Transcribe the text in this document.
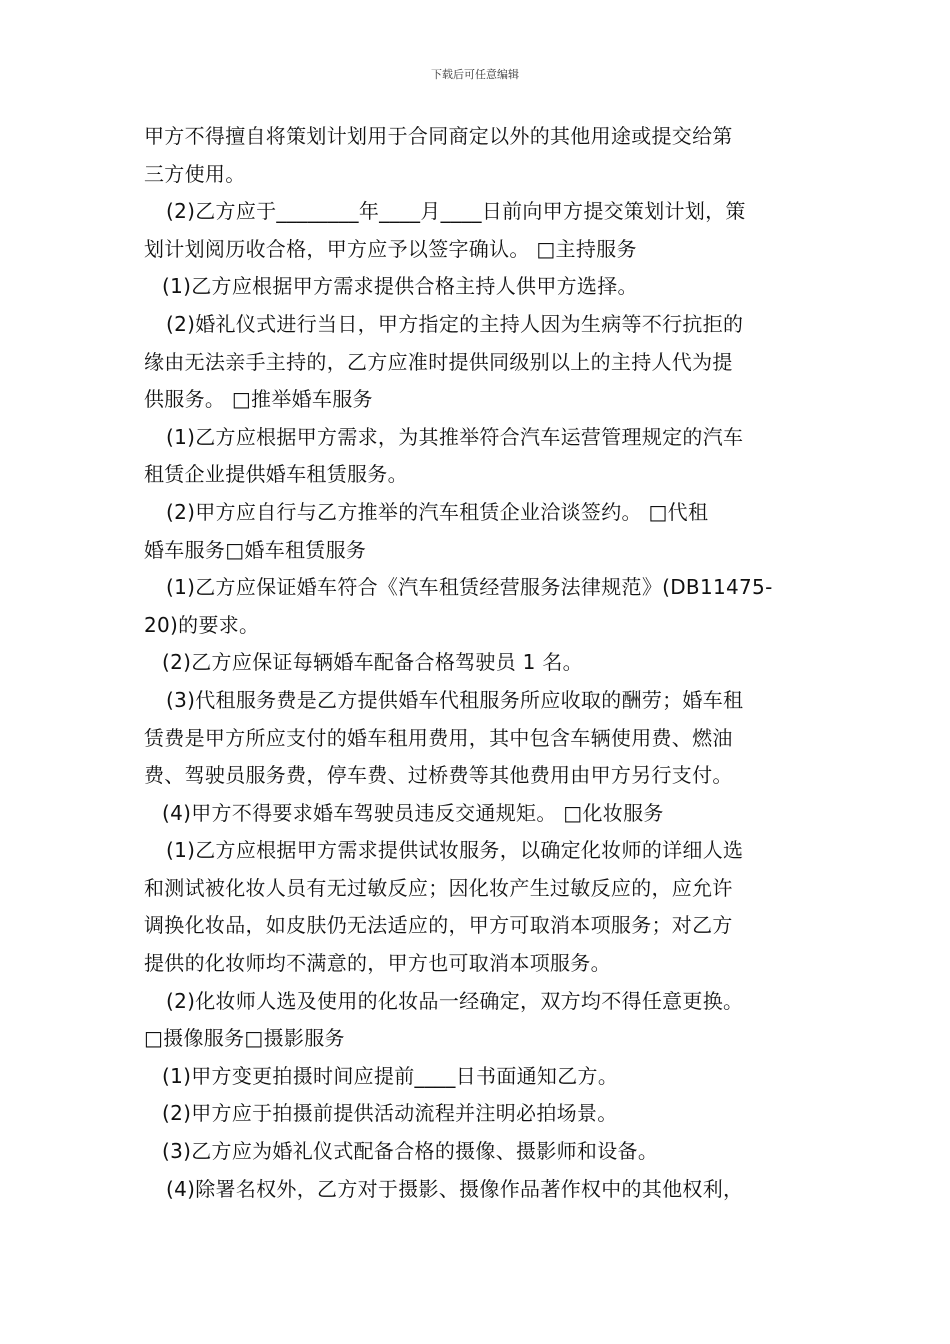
下载后可任意编辑
甲方不得擅自将策划计划用于合同商定以外的其他用途或提交给第
三方使用。
(2)乙方应于________年____月____日前向甲方提交策划计划，策
划计划阅历收合格，甲方应予以签字确认。 □主持服务
(1)乙方应根据甲方需求提供合格主持人供甲方选择。
(2)婚礼仪式进行当日，甲方指定的主持人因为生病等不行抗拒的
缘由无法亲手主持的，乙方应准时提供同级别以上的主持人代为提
供服务。 □推举婚车服务
(1)乙方应根据甲方需求，为其推举符合汽车运营管理规定的汽车
租赁企业提供婚车租赁服务。
(2)甲方应自行与乙方推举的汽车租赁企业洽谈签约。 □代租
婚车服务□婚车租赁服务
(1)乙方应保证婚车符合《汽车租赁经营服务法律规范》(DB11475-
20)的要求。
(2)乙方应保证每辆婚车配备合格驾驶员 1 名。
(3)代租服务费是乙方提供婚车代租服务所应收取的酬劳；婚车租
赁费是甲方所应支付的婚车租用费用，其中包含车辆使用费、燃油
费、驾驶员服务费，停车费、过桥费等其他费用由甲方另行支付。
(4)甲方不得要求婚车驾驶员违反交通规矩。 □化妆服务
(1)乙方应根据甲方需求提供试妆服务，以确定化妆师的详细人选
和测试被化妆人员有无过敏反应；因化妆产生过敏反应的，应允许
调换化妆品，如皮肤仍无法适应的，甲方可取消本项服务；对乙方
提供的化妆师均不满意的，甲方也可取消本项服务。
(2)化妆师人选及使用的化妆品一经确定，双方均不得任意更换。
□摄像服务□摄影服务
(1)甲方变更拍摄时间应提前____日书面通知乙方。
(2)甲方应于拍摄前提供活动流程并注明必拍场景。
(3)乙方应为婚礼仪式配备合格的摄像、摄影师和设备。
(4)除署名权外，乙方对于摄影、摄像作品著作权中的其他权利，
